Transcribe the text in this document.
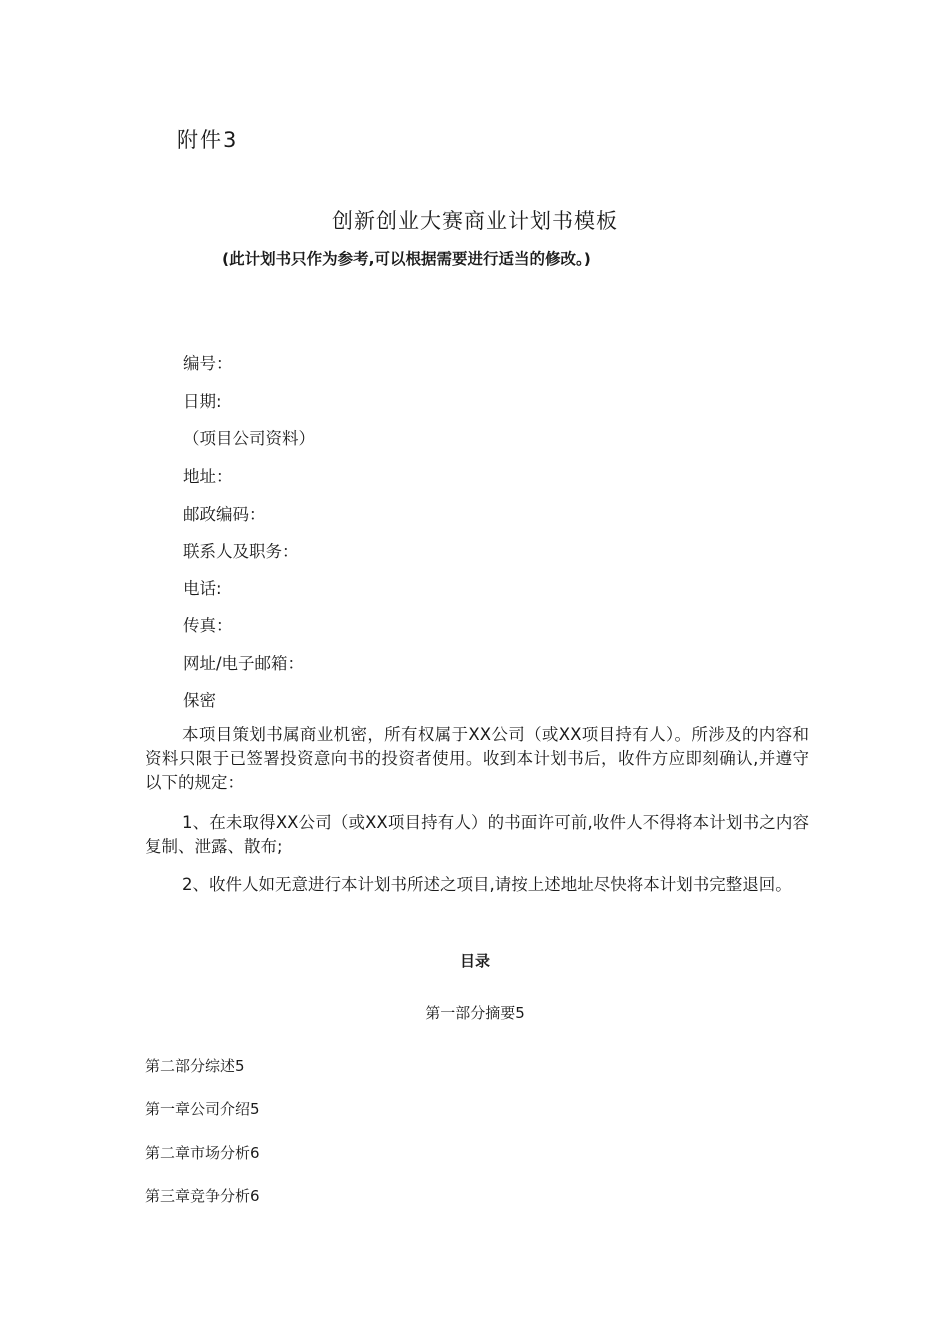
附件3
创新创业大赛商业计划书模板
(此计划书只作为参考,可以根据需要进行适当的修改。)
编号：
日期:
（项目公司资料）
地址：
邮政编码：
联系人及职务：
电话:
传真：
网址/电子邮箱：
保密
本项目策划书属商业机密，所有权属于XX公司（或XX项目持有人）。所涉及的内容和资料只限于已签署投资意向书的投资者使用。收到本计划书后，收件方应即刻确认,并遵守以下的规定：
1、在未取得XX公司（或XX项目持有人）的书面许可前,收件人不得将本计划书之内容复制、泄露、散布;
2、收件人如无意进行本计划书所述之项目,请按上述地址尽快将本计划书完整退回。
目录
第一部分摘要5
第二部分综述5
第一章公司介绍5
第二章市场分析6
第三章竞争分析6
